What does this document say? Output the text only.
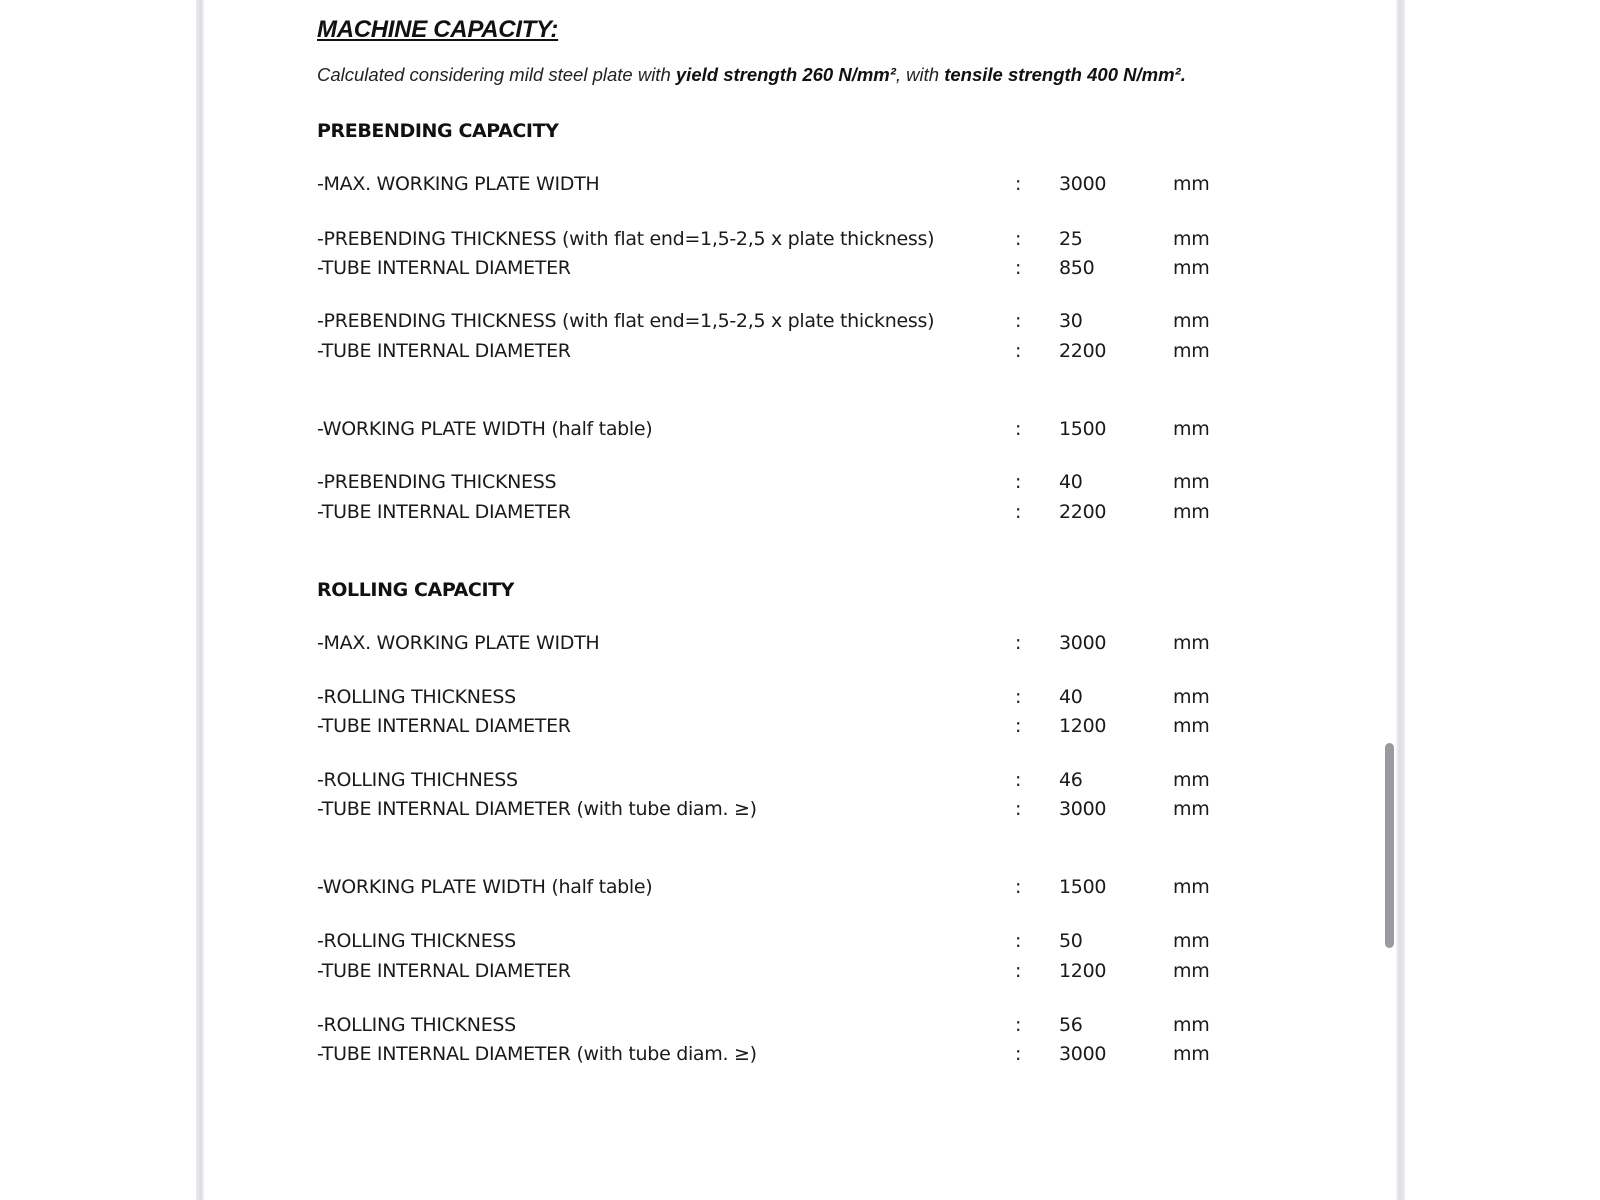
MACHINE CAPACITY:
Calculated considering mild steel plate with yield strength 260 N/mm², with tensile strength 400 N/mm².
PREBENDING CAPACITY
-MAX. WORKING PLATE WIDTH	: 3000	mm
-PREBENDING THICKNESS (with flat end=1,5-2,5 x plate thickness)	: 25	mm
-TUBE INTERNAL DIAMETER	: 850	mm
-PREBENDING THICKNESS (with flat end=1,5-2,5 x plate thickness)	: 30	mm
-TUBE INTERNAL DIAMETER	: 2200	mm
-WORKING PLATE WIDTH (half table)	: 1500	mm
-PREBENDING THICKNESS	: 40	mm
-TUBE INTERNAL DIAMETER	: 2200	mm
ROLLING CAPACITY
-MAX. WORKING PLATE WIDTH	: 3000	mm
-ROLLING THICKNESS	: 40	mm
-TUBE INTERNAL DIAMETER	: 1200	mm
-ROLLING THICHNESS	: 46	mm
-TUBE INTERNAL DIAMETER (with tube diam. ≥)	: 3000	mm
-WORKING PLATE WIDTH (half table)	: 1500	mm
-ROLLING THICKNESS	: 50	mm
-TUBE INTERNAL DIAMETER	: 1200	mm
-ROLLING THICKNESS	: 56	mm
-TUBE INTERNAL DIAMETER (with tube diam. ≥)	: 3000	mm
